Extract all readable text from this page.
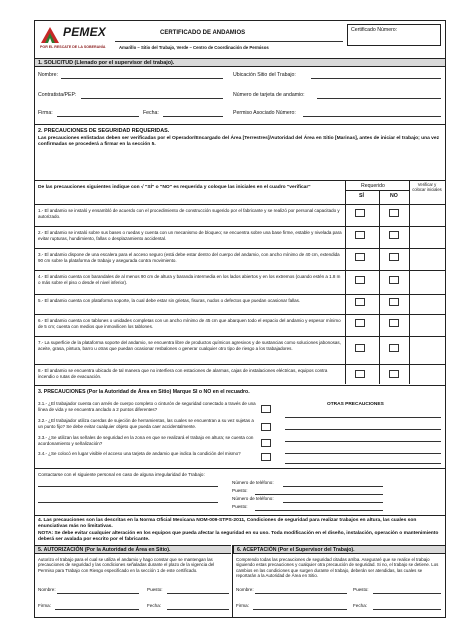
PEMEX
POR EL RESCATE DE LA SOBERANÍA
CERTIFICADO DE ANDAMIOS	Certificado Número:
Amarillo – Sitio del Trabajo, Verde – Centro de Coordinación de Permisos
1. SOLICITUD (Llenado por el supervisor del trabajo).
Nombre:	Ubicación Sitio del Trabajo:
Contratista/PEP:	Número de tarjeta de andamio:
Firma:	Fecha:	Permiso Asociado Número:
2. PRECAUCIONES DE SEGURIDAD REQUERIDAS.
Las precauciones enlistadas deben ser verificadas por el Operador/Encargado del Área [Terrestres]/Autoridad del Área en Sitio [Marinas], antes de iniciar el trabajo; una vez confirmadas se procederá a firmar en la sección 5.
De las precauciones siguientes indique con √ "SÍ" o "NO" es requerida y coloque las iniciales en el cuadro "verificar"	Requerido
SÍ	NO
Verificar y colocar iniciales
1.- El andamio se instaló y ensambló de acuerdo con el procedimiento de construcción sugerido por el fabricante y se realizó por personal capacitado y autorizado.
2.- El andamio se instaló sobre sus bases o ruedas y cuenta con un mecanismo de bloqueo; se encuentra sobre una base firme, estable y nivelada para evitar rupturas, hundimiento, fallas o desplazamiento accidental.
3.- El andamio dispone de una escalera para el acceso seguro (está debe estar dentro del cuerpo del andamio, con ancho mínimo de 40 cm, extendida 90 cm sobre la plataforma de trabajo y asegurada contra movimiento.
4.- El andamio cuenta con barandales de al menos 90 cm de altura y baranda intermedia en los lados abiertos y en los extremos (cuando estén a 1.8 m o más sobre el piso o desde el nivel inferior).
5.- El andamio cuenta con plataforma soporte, la cual debe estar sin grietas, fisuras, nudos o defectos que puedan ocasionar fallas.
6.- El andamio cuenta con tablones o unidades completas con un ancho mínimo de 45 cm que abarquen todo el espacio del andamio y espesor mínimo de 5 cm; cuenta con medios que inmovilicen los tablones.
7.- La superficie de la plataforma soporte del andamio, se encuentra libre de productos químicos agresivos y de sustancias como soluciones jabonosas, aceite, grasa, pintura, barro u otras que puedan ocasionar resbalones o generar cualquier otro tipo de riesgo a los trabajadores.
8.- El andamio se encuentra ubicado de tal manera que no interfiera con estaciones de alarmas, cajas de instalaciones eléctricas, equipos contra incendio o rutas de evacuación.
3. PRECAUCIONES (Por la Autoridad de Área en Sitio) Marque SI o NO en el recuadro.
3.1.- ¿El trabajador cuenta con arnés de cuerpo completo o cinturón de seguridad conectado a través de una línea de vida y se encuentra anclado a 2 puntos diferentes?
3.2.- ¿El trabajador utiliza cuerdas de sujeción de herramientas, las cuales se encuentran a su vez sujetas a un punto fijo? Se debe evitar cualquier objeto que pueda caer accidentalmente.
3.3.- ¿Se utilizan las señales de seguridad en la zona en que se realizará el trabajo en altura; se cuenta con acordonamiento y señalización?
3.4.- ¿Se colocó en lugar visible el acceso una tarjeta de andamio que indica la condición del mismo?
OTRAS PRECAUCIONES
Contactarse con el siguiente personal en caso de alguna irregularidad de Trabajo:
Número de teléfono:
Puesto:
Número de teléfono:
Puesto:
4. Las precauciones son las descritas en la Norma Oficial Mexicana NOM-009-STPS-2011, Condiciones de seguridad para realizar trabajos en altura, las cuales son enunciativas más no limitativas.
NOTA: Se debe evitar cualquier alteración en los equipos que pueda afectar la seguridad en su uso. Toda modificación en el diseño, instalación, operación o mantenimiento deberá ser avalada por escrito por el fabricante.
5. AUTORIZACIÓN (Por la Autoridad de Área en Sitio).	6. ACEPTACIÓN (Por el Supervisor del Trabajo).
Autorizo el trabajo para el cual se utiliza el andamio y hago constar que se mantengan las precauciones de seguridad y las condiciones señaladas durante el plazo de la vigencia del Permiso para Trabajo con Riesgo especificado en la sección 1 de este certificado.
Nombre:	Puesto:
Firma:	Fecha:
Comprendo todas las precauciones de seguridad citadas arriba. Aseguraré que se realice el trabajo siguiendo estas precauciones y cualquier otra precaución de seguridad. Si no, el trabajo se detiene. Los cambios en las condiciones que surgen durante el trabajo, deberán ser atendidas, las cuales se reportarán a la Autoridad de Área en Sitio.
Nombre:	Puesto:
Firma:	Fecha:
